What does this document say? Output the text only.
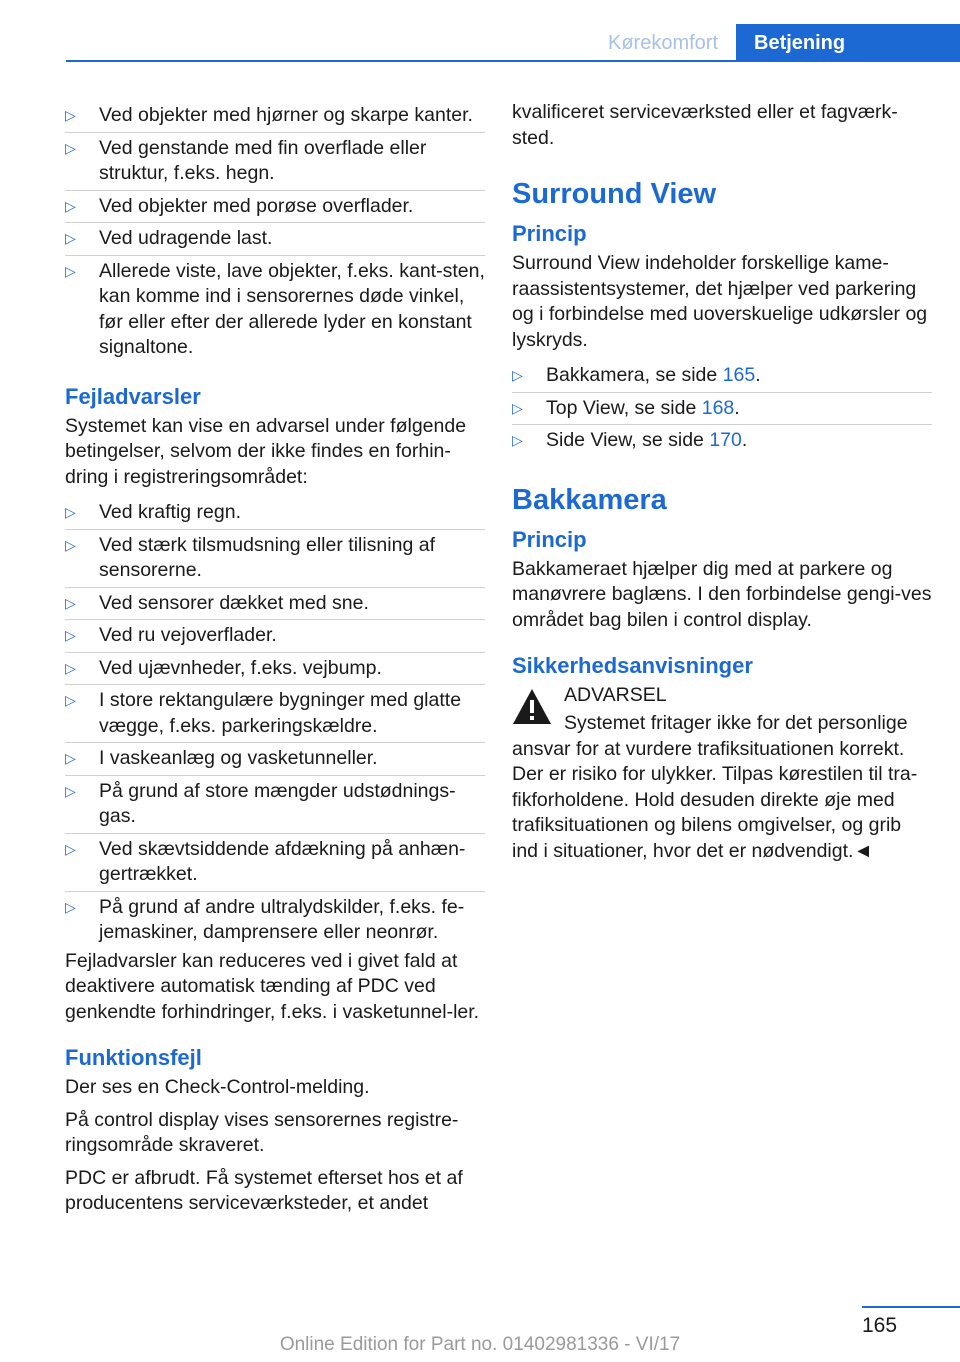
Kørekomfort	Betjening
▷ Ved objekter med hjørner og skarpe kanter.
▷ Ved genstande med fin overflade eller struktur, f.eks. hegn.
▷ Ved objekter med porøse overflader.
▷ Ved udragende last.
▷ Allerede viste, lave objekter, f.eks. kant-sten, kan komme ind i sensorernes døde vinkel, før eller efter der allerede lyder en konstant signaltone.
Fejladvarsler

Systemet kan vise en advarsel under følgende betingelser, selvom der ikke findes en forhin-dring i registreringsområdet:

▷ Ved kraftig regn.
▷ Ved stærk tilsmudsning eller tilisning af sensorerne.
▷ Ved sensorer dækket med sne.
▷ Ved ru vejoverflader.
▷ Ved ujævnheder, f.eks. vejbump.
▷ I store rektangulære bygninger med glatte vægge, f.eks. parkeringskældre.
▷ I vaskeanlæg og vasketunneller.
▷ På grund af store mængder udstødnings-gas.
▷ Ved skævtsiddende afdækning på anhæn-gertrækket.
▷ På grund af andre ultralydskilder, f.eks. fe-jemaskiner, damprensere eller neonrør.

Fejladvarsler kan reduceres ved i givet fald at deaktivere automatisk tænding af PDC ved genkendte forhindringer, f.eks. i vasketunnel-ler.

Funktionsfejl

Der ses en Check-Control-melding.

På control display vises sensorernes registre-ringsområde skraveret.

PDC er afbrudt. Få systemet efterset hos et af producentens serviceværksteder, et andet

kvalificeret serviceværksted eller et fagværk-sted.

Surround View
Princip

Surround View indeholder forskellige kame-raassistentsystemer, det hjælper ved parkering og i forbindelse med uoverskuelige udkørsler og lyskryds.

▷ Bakkamera, se side 165.
▷ Top View, se side 168.
▷ Side View, se side 170.
Bakkamera
Princip

Bakkameraet hjælper dig med at parkere og manøvrere baglæns. I den forbindelse gengi-ves området bag bilen i control display.

Sikkerhedsanvisninger
ADVARSEL

Systemet fritager ikke for det personlige ansvar for at vurdere trafiksituationen korrekt. Der er risiko for ulykker. Tilpas kørestilen til tra-fikforholdene. Hold desuden direkte øje med trafiksituationen og bilens omgivelser, og grib ind i situationer, hvor det er nødvendigt.◄

165
Online Edition for Part no. 01402981336 - VI/17
